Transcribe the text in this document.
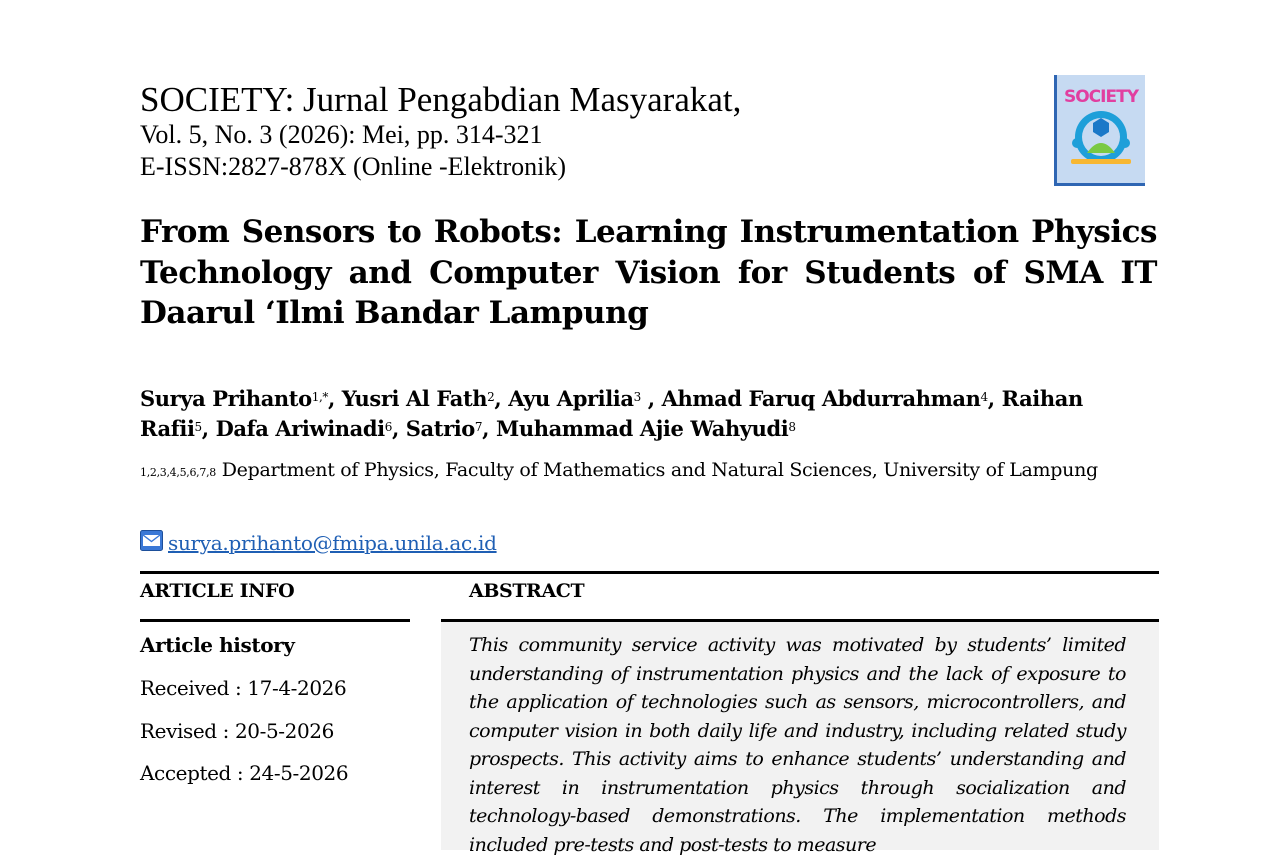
SOCIETY: Jurnal Pengabdian Masyarakat,
Vol. 5, No. 3 (2026): Mei, pp. 314-321
E-ISSN:2827-878X (Online -Elektronik)
SOCIETY
From Sensors to Robots: Learning Instrumentation Physics Technology and Computer Vision for Students of SMA IT Daarul ‘Ilmi Bandar Lampung
Surya Prihanto$^{1,*}$, Yusri Al Fath$^2$, Ayu Aprilia$^3$ , Ahmad Faruq Abdurrahman$^4$, Raihan Rafii$^5$, Dafa Ariwinadi$^6$, Satrio$^7$, Muhammad Ajie Wahyudi$^8$
$^{1,2,3,4,5,6,7,8}$ Department of Physics, Faculty of Mathematics and Natural Sciences, University of Lampung
surya.prihanto@fmipa.unila.ac.id
ARTICLE INFO	ABSTRACT
Article history
Received : 17-4-2026
Revised : 20-5-2026
Accepted : 24-5-2026
This community service activity was motivated by students’ limited understanding of instrumentation physics and the lack of exposure to the application of technologies such as sensors, microcontrollers, and computer vision in both daily life and industry, including related study prospects. This activity aims to enhance students’ understanding and interest in instrumentation physics through socialization and technology-based demonstrations. The implementation methods included pre-tests and post-tests to measure
